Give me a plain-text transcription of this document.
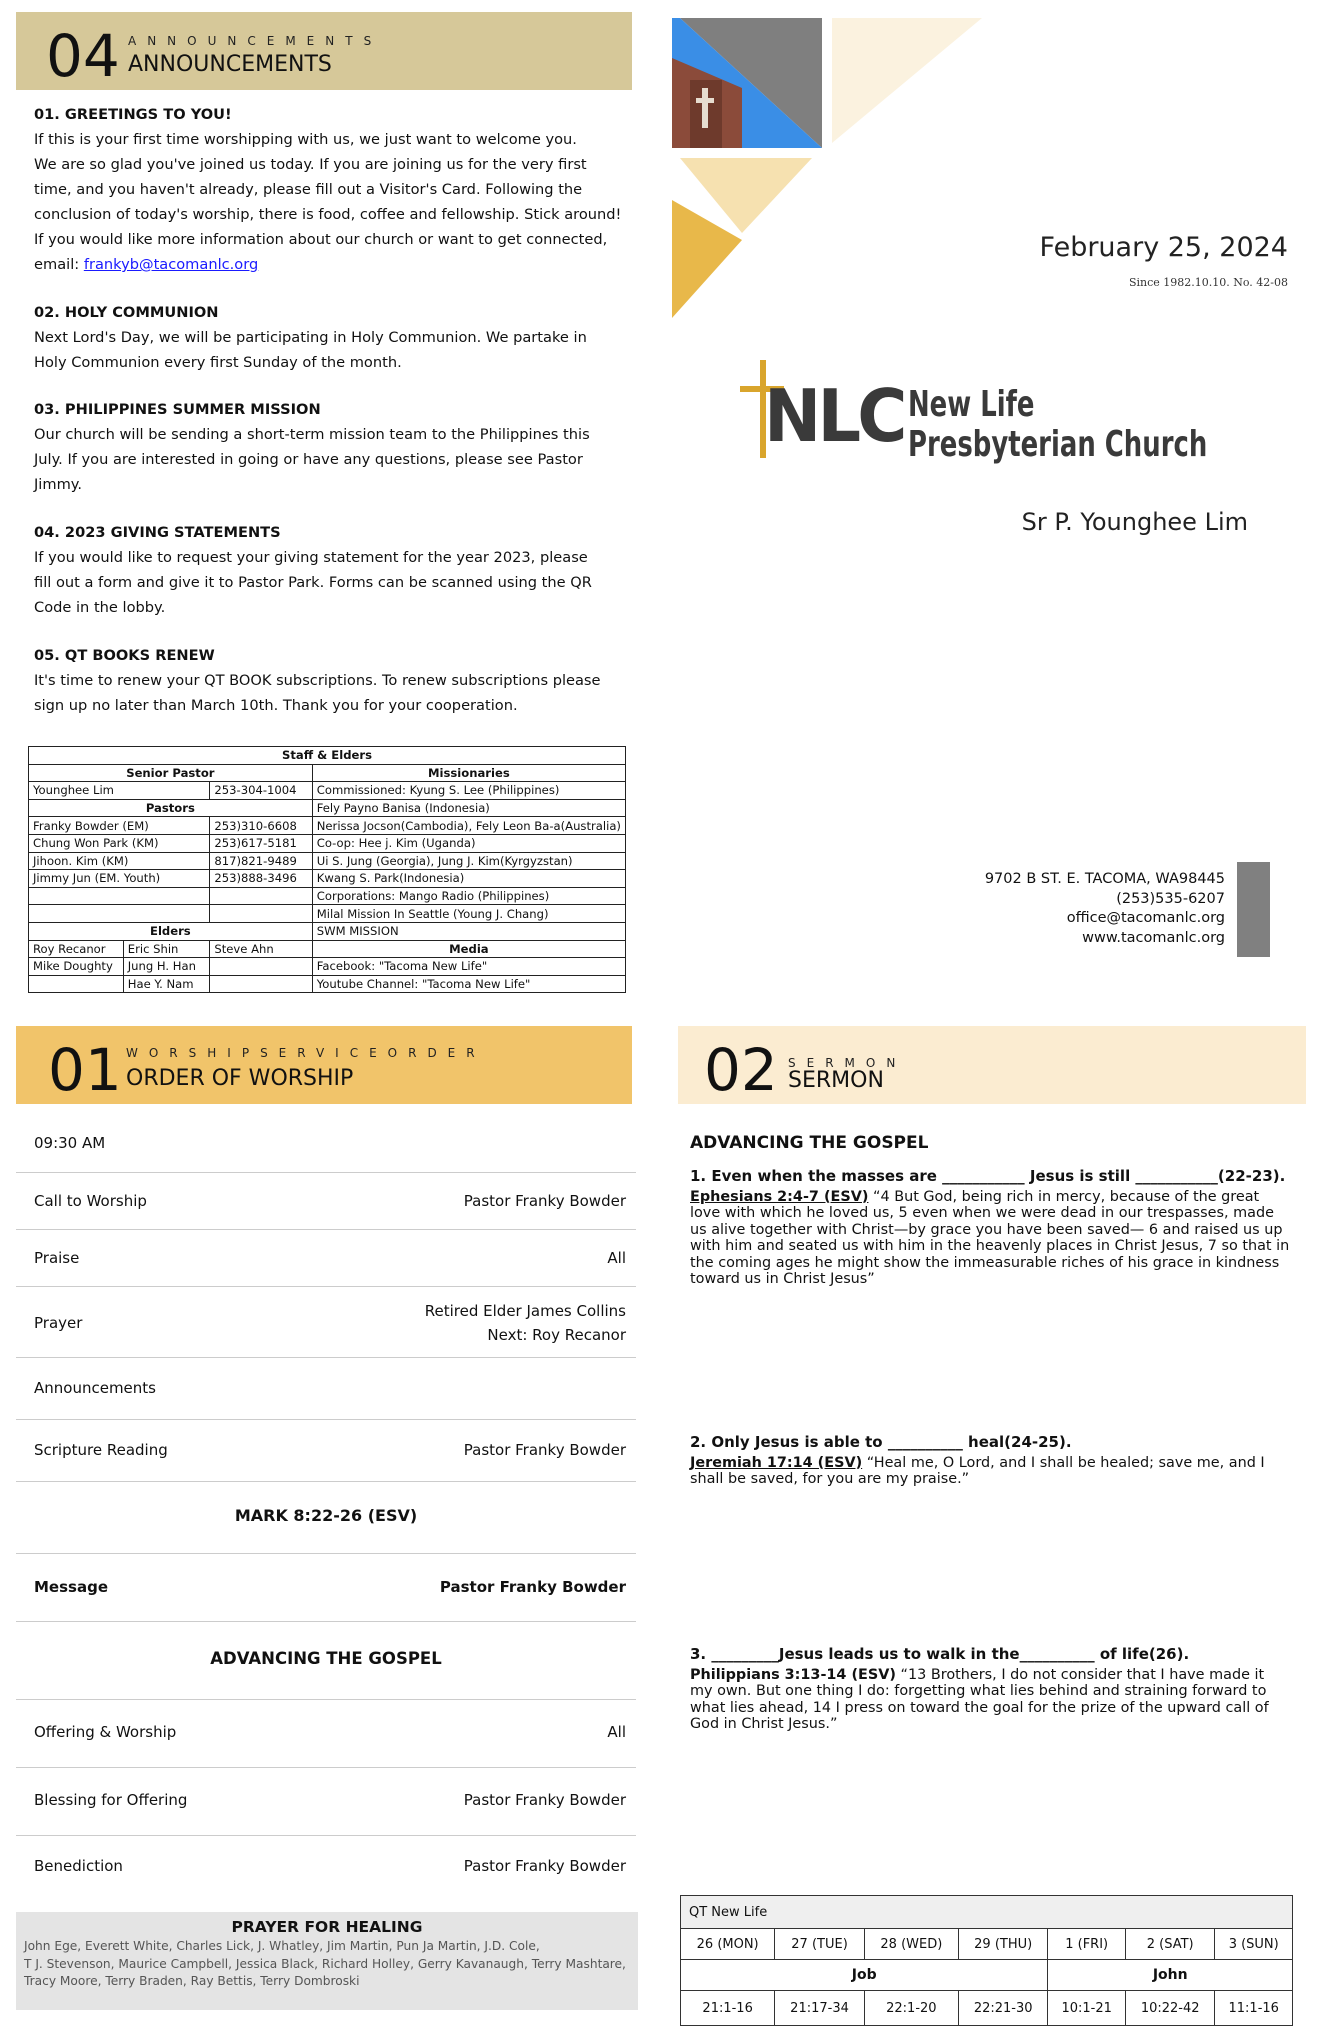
04 ANNOUNCEMENTS
ANNOUNCEMENTS
01. GREETINGS TO YOU!
If this is your first time worshipping with us, we just want to welcome you.
We are so glad you've joined us today. If you are joining us for the very first
time, and you haven't already, please fill out a Visitor's Card. Following the
conclusion of today's worship, there is food, coffee and fellowship. Stick around!
If you would like more information about our church or want to get connected,
email: frankyb@tacomanlc.org
02. HOLY COMMUNION
Next Lord's Day, we will be participating in Holy Communion. We partake in
Holy Communion every first Sunday of the month.
03. PHILIPPINES SUMMER MISSION
Our church will be sending a short-term mission team to the Philippines this
July. If you are interested in going or have any questions, please see Pastor
Jimmy.
04. 2023 GIVING STATEMENTS
If you would like to request your giving statement for the year 2023, please
fill out a form and give it to Pastor Park. Forms can be scanned using the QR
Code in the lobby.
05. QT BOOKS RENEW
It's time to renew your QT BOOK subscriptions. To renew subscriptions please
sign up no later than March 10th. Thank you for your cooperation.
Staff & Elders			
Senior Pastor			Missionaries
Younghee Lim		253-304-1004	Commissioned: Kyung S. Lee (Philippines)
Pastors			Fely Payno Banisa (Indonesia)
Franky Bowder (EM)		253)310-6608	Nerissa Jocson(Cambodia), Fely Leon Ba-a(Australia)
Chung Won Park (KM)		253)617-5181	Co-op: Hee j. Kim (Uganda)
Jihoon. Kim (KM)		817)821-9489	Ui S. Jung (Georgia), Jung J. Kim(Kyrgyzstan)
Jimmy Jun (EM. Youth)		253)888-3496	Kwang S. Park(Indonesia)
			Corporations: Mango Radio (Philippines)
			Milal Mission In Seattle (Young J. Chang)
Elders			SWM MISSION
Roy Recanor	Eric Shin	Steve Ahn	Media
Mike Doughty	Jung H. Han		Facebook: "Tacoma New Life"
	Hae Y. Nam		Youtube Channel: "Tacoma New Life"
February 25, 2024
Since 1982.10.10. No. 42-08
NLC New Life
Presbyterian Church
Sr P. Younghee Lim
9702 B ST. E. TACOMA, WA98445
(253)535-6207
office@tacomanlc.org
www.tacomanlc.org
01 WORSHIPSERVICEORDER
ORDER OF WORSHIP
09:30 AM
Call to Worship	Pastor Franky Bowder
Praise	All
Prayer
Retired Elder James Collins
Next: Roy Recanor
Announcements
Scripture Reading	Pastor Franky Bowder
MARK 8:22-26 (ESV)
Message	Pastor Franky Bowder
ADVANCING THE GOSPEL
Offering & Worship	All
Blessing for Offering	Pastor Franky Bowder
Benediction	Pastor Franky Bowder
PRAYER FOR HEALING
John Ege, Everett White, Charles Lick, J. Whatley, Jim Martin, Pun Ja Martin, J.D. Cole,
T J. Stevenson, Maurice Campbell, Jessica Black, Richard Holley, Gerry Kavanaugh, Terry Mashtare,
Tracy Moore, Terry Braden, Ray Bettis, Terry Dombroski
02 SERMON
SERMON
ADVANCING THE GOSPEL
1. Even when the masses are ___________ Jesus is still ___________(22-23).
Ephesians 2:4-7 (ESV) “4 But God, being rich in mercy, because of the great love with which he loved us, 5 even when we were dead in our trespasses, made us alive together with Christ—by grace you have been saved— 6 and raised us up with him and seated us with him in the heavenly places in Christ Jesus, 7 so that in the coming ages he might show the immeasurable riches of his grace in kindness toward us in Christ Jesus”
2. Only Jesus is able to __________ heal(24-25).
Jeremiah 17:14 (ESV) “Heal me, O Lord, and I shall be healed; save me, and I shall be saved, for you are my praise.”
3. _________Jesus leads us to walk in the__________ of life(26).
Philippians 3:13-14 (ESV) “13 Brothers, I do not consider that I have made it my own. But one thing I do: forgetting what lies behind and straining forward to what lies ahead, 14 I press on toward the goal for the prize of the upward call of God in Christ Jesus.”
QT New Life						
26 (MON)	27 (TUE)	28 (WED)	29 (THU)	1 (FRI)	2 (SAT)	3 (SUN)
Job				John		
21:1-16	21:17-34	22:1-20	22:21-30	10:1-21	10:22-42	11:1-16
